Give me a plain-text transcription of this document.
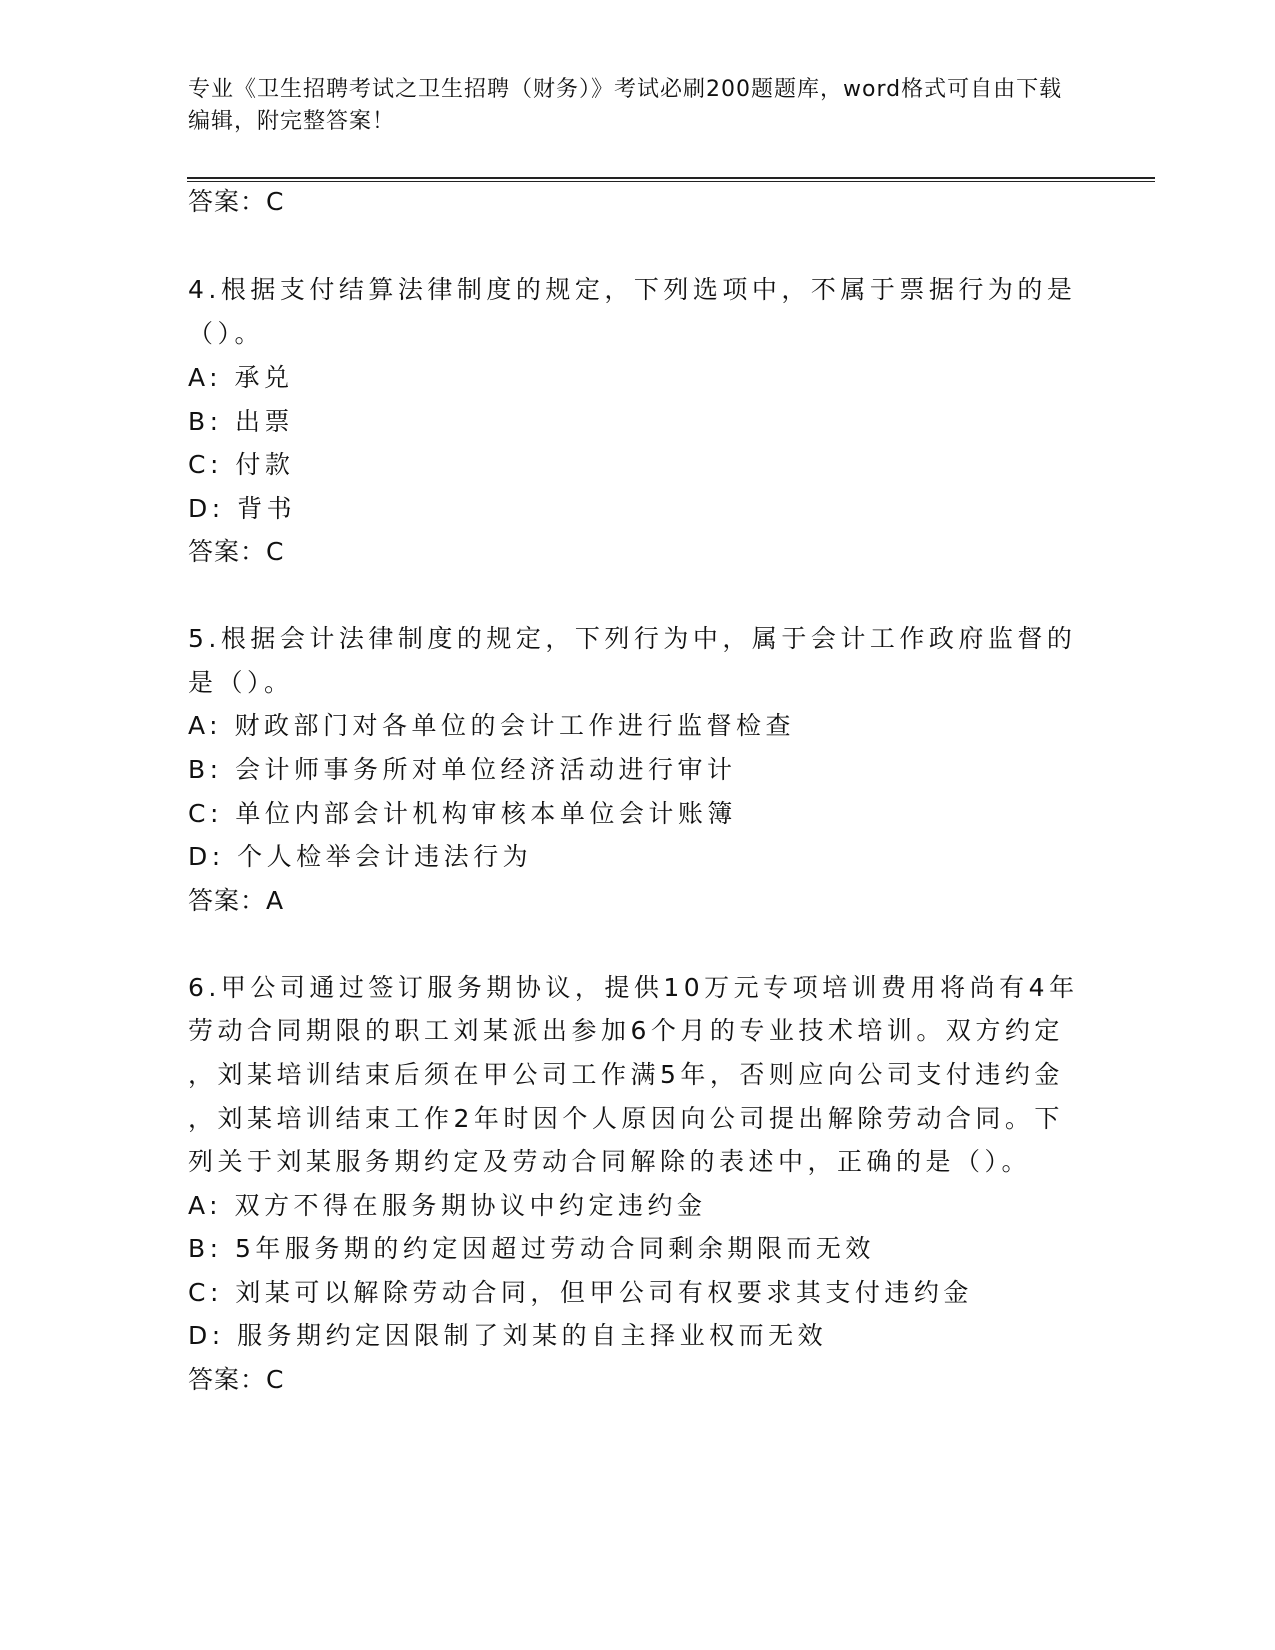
专业《卫生招聘考试之卫生招聘（财务）》考试必刷200题题库，word格式可自由下载编辑，附完整答案！
答案：C
4.根据支付结算法律制度的规定，下列选项中，不属于票据行为的是
（）。
A: 承兑
B: 出票
C: 付款
D: 背书
答案：C
5.根据会计法律制度的规定，下列行为中，属于会计工作政府监督的
是（）。
A: 财政部门对各单位的会计工作进行监督检查
B: 会计师事务所对单位经济活动进行审计
C: 单位内部会计机构审核本单位会计账簿
D: 个人检举会计违法行为
答案：A
6.甲公司通过签订服务期协议，提供10万元专项培训费用将尚有4年
劳动合同期限的职工刘某派出参加6个月的专业技术培训。双方约定
，刘某培训结束后须在甲公司工作满5年，否则应向公司支付违约金
，刘某培训结束工作2年时因个人原因向公司提出解除劳动合同。下
列关于刘某服务期约定及劳动合同解除的表述中，正确的是（）。
A: 双方不得在服务期协议中约定违约金
B: 5年服务期的约定因超过劳动合同剩余期限而无效
C: 刘某可以解除劳动合同，但甲公司有权要求其支付违约金
D: 服务期约定因限制了刘某的自主择业权而无效
答案：C
